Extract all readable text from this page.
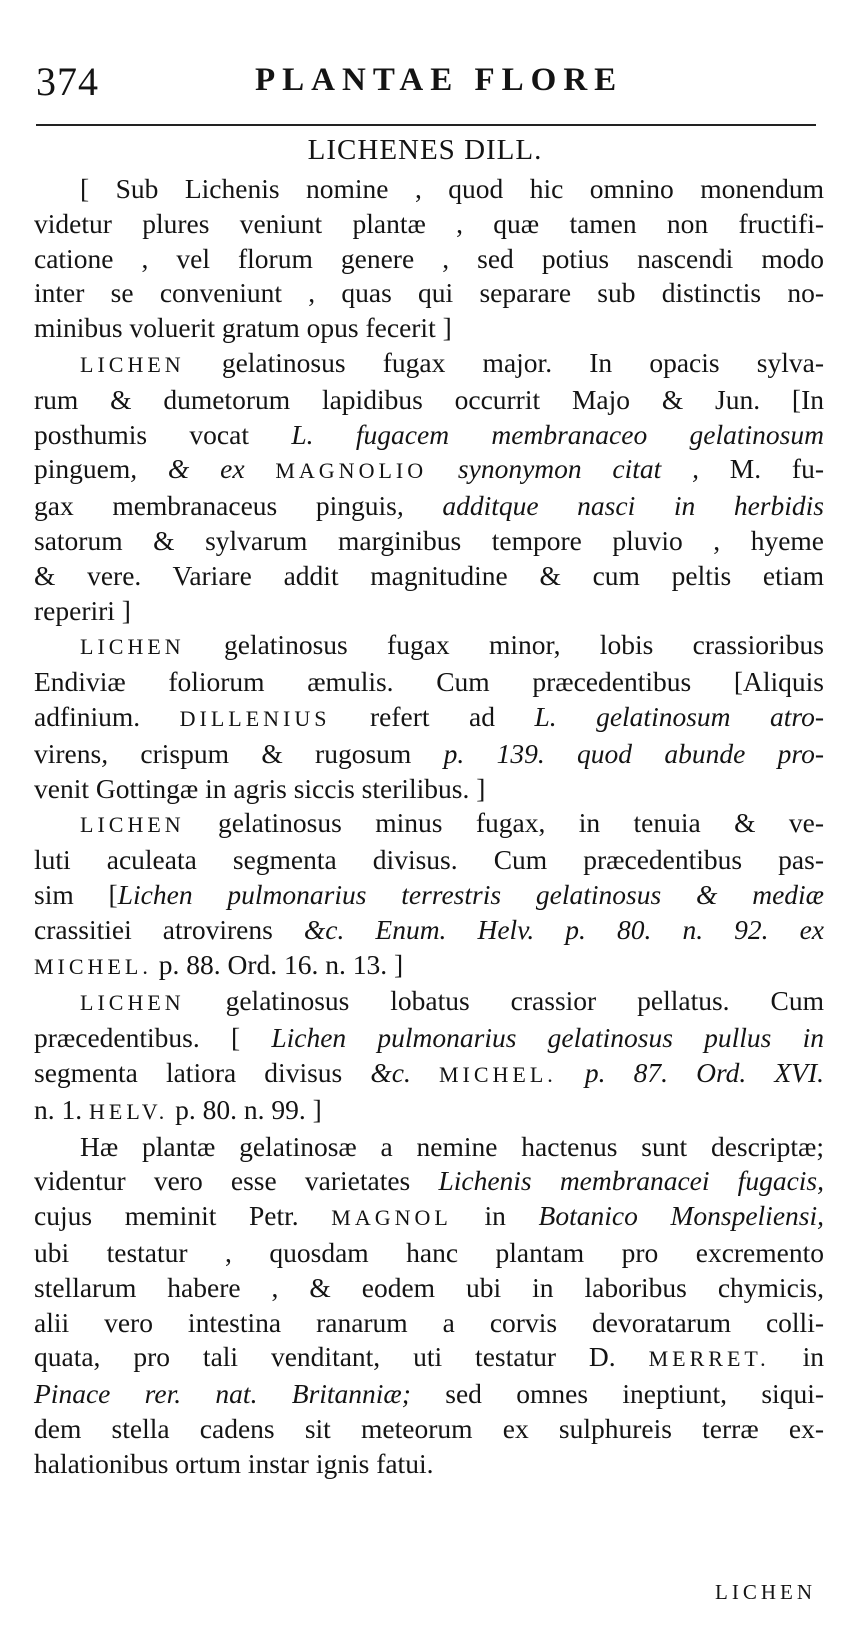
374	PLANTAE FLORE
LICHENES DILL.

[ Sub Lichenis nomine , quod hic omnino monendum

videtur plures veniunt plantæ , quæ tamen non fructifi-

catione , vel florum genere , sed potius nascendi modo

inter se conveniunt , quas qui separare sub distinctis no-

minibus voluerit gratum opus fecerit ]

LICHEN gelatinosus fugax major. In opacis sylva-

rum & dumetorum lapidibus occurrit Majo & Jun. [In

posthumis vocat L. fugacem membranaceo gelatinosum

pinguem, & ex MAGNOLIO synonymon citat , M. fu-

gax membranaceus pinguis, additque nasci in herbidis

satorum & sylvarum marginibus tempore pluvio , hyeme

& vere. Variare addit magnitudine & cum peltis etiam

reperiri ]

LICHEN gelatinosus fugax minor, lobis crassioribus

Endiviæ foliorum æmulis. Cum præcedentibus [Aliquis

adfinium. DILLENIUS refert ad L. gelatinosum atro-

virens, crispum & rugosum p. 139. quod abunde pro-

venit Gottingæ in agris siccis sterilibus. ]

LICHEN gelatinosus minus fugax, in tenuia & ve-

luti aculeata segmenta divisus. Cum præcedentibus pas-

sim [Lichen pulmonarius terrestris gelatinosus & mediæ

crassitiei atrovirens &c. Enum. Helv. p. 80. n. 92. ex

MICHEL. p. 88. Ord. 16. n. 13. ]

LICHEN gelatinosus lobatus crassior pellatus. Cum

præcedentibus. [ Lichen pulmonarius gelatinosus pullus in

segmenta latiora divisus &c. MICHEL. p. 87. Ord. XVI.

n. 1. HELV. p. 80. n. 99. ]

Hæ plantæ gelatinosæ a nemine hactenus sunt descriptæ;

videntur vero esse varietates Lichenis membranacei fugacis,

cujus meminit Petr. MAGNOL in Botanico Monspeliensi,

ubi testatur , quosdam hanc plantam pro excremento

stellarum habere , & eodem ubi in laboribus chymicis,

alii vero intestina ranarum a corvis devoratarum colli-

quata, pro tali venditant, uti testatur D. MERRET. in

Pinace rer. nat. Britanniæ; sed omnes ineptiunt, siqui-

dem stella cadens sit meteorum ex sulphureis terræ ex-

halationibus ortum instar ignis fatui.

LICHEN
